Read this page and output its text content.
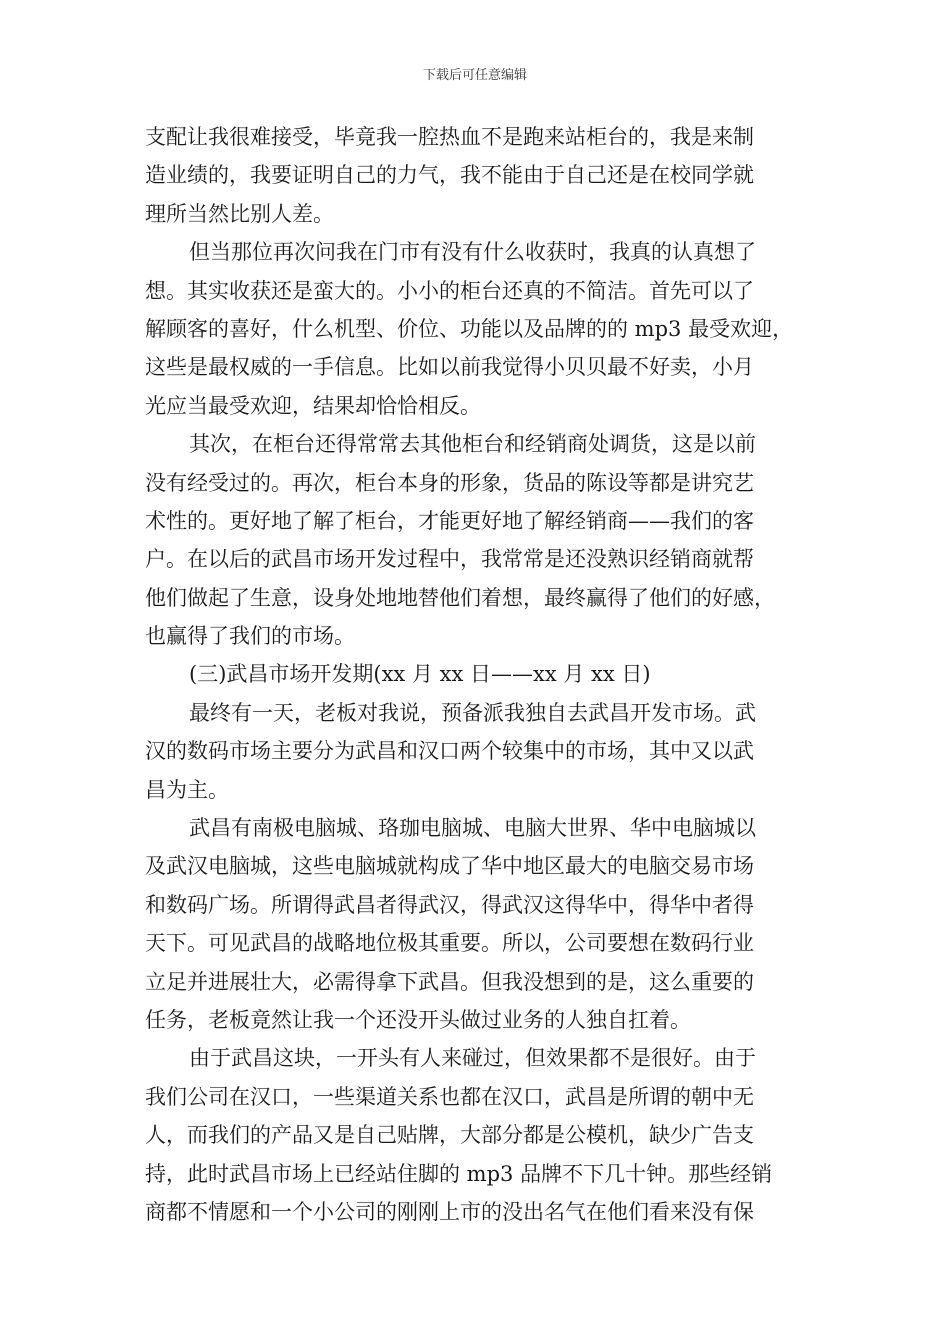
下载后可任意编辑
支配让我很难接受，毕竟我一腔热血不是跑来站柜台的，我是来制
造业绩的，我要证明自己的力气，我不能由于自己还是在校同学就
理所当然比别人差。
但当那位再次问我在门市有没有什么收获时，我真的认真想了
想。其实收获还是蛮大的。小小的柜台还真的不简洁。首先可以了
解顾客的喜好，什么机型、价位、功能以及品牌的的 mp3 最受欢迎，
这些是最权威的一手信息。比如以前我觉得小贝贝最不好卖，小月
光应当最受欢迎，结果却恰恰相反。
其次，在柜台还得常常去其他柜台和经销商处调货，这是以前
没有经受过的。再次，柜台本身的形象，货品的陈设等都是讲究艺
术性的。更好地了解了柜台，才能更好地了解经销商——我们的客
户。在以后的武昌市场开发过程中，我常常是还没熟识经销商就帮
他们做起了生意，设身处地地替他们着想，最终赢得了他们的好感，
也赢得了我们的市场。
(三)武昌市场开发期(xx 月 xx 日——xx 月 xx 日)
最终有一天，老板对我说，预备派我独自去武昌开发市场。武
汉的数码市场主要分为武昌和汉口两个较集中的市场，其中又以武
昌为主。
武昌有南极电脑城、珞珈电脑城、电脑大世界、华中电脑城以
及武汉电脑城，这些电脑城就构成了华中地区最大的电脑交易市场
和数码广场。所谓得武昌者得武汉，得武汉这得华中，得华中者得
天下。可见武昌的战略地位极其重要。所以，公司要想在数码行业
立足并进展壮大，必需得拿下武昌。但我没想到的是，这么重要的
任务，老板竟然让我一个还没开头做过业务的人独自扛着。
由于武昌这块，一开头有人来碰过，但效果都不是很好。由于
我们公司在汉口，一些渠道关系也都在汉口，武昌是所谓的朝中无
人，而我们的产品又是自己贴牌，大部分都是公模机，缺少广告支
持，此时武昌市场上已经站住脚的 mp3 品牌不下几十钟。那些经销
商都不情愿和一个小公司的刚刚上市的没出名气在他们看来没有保
